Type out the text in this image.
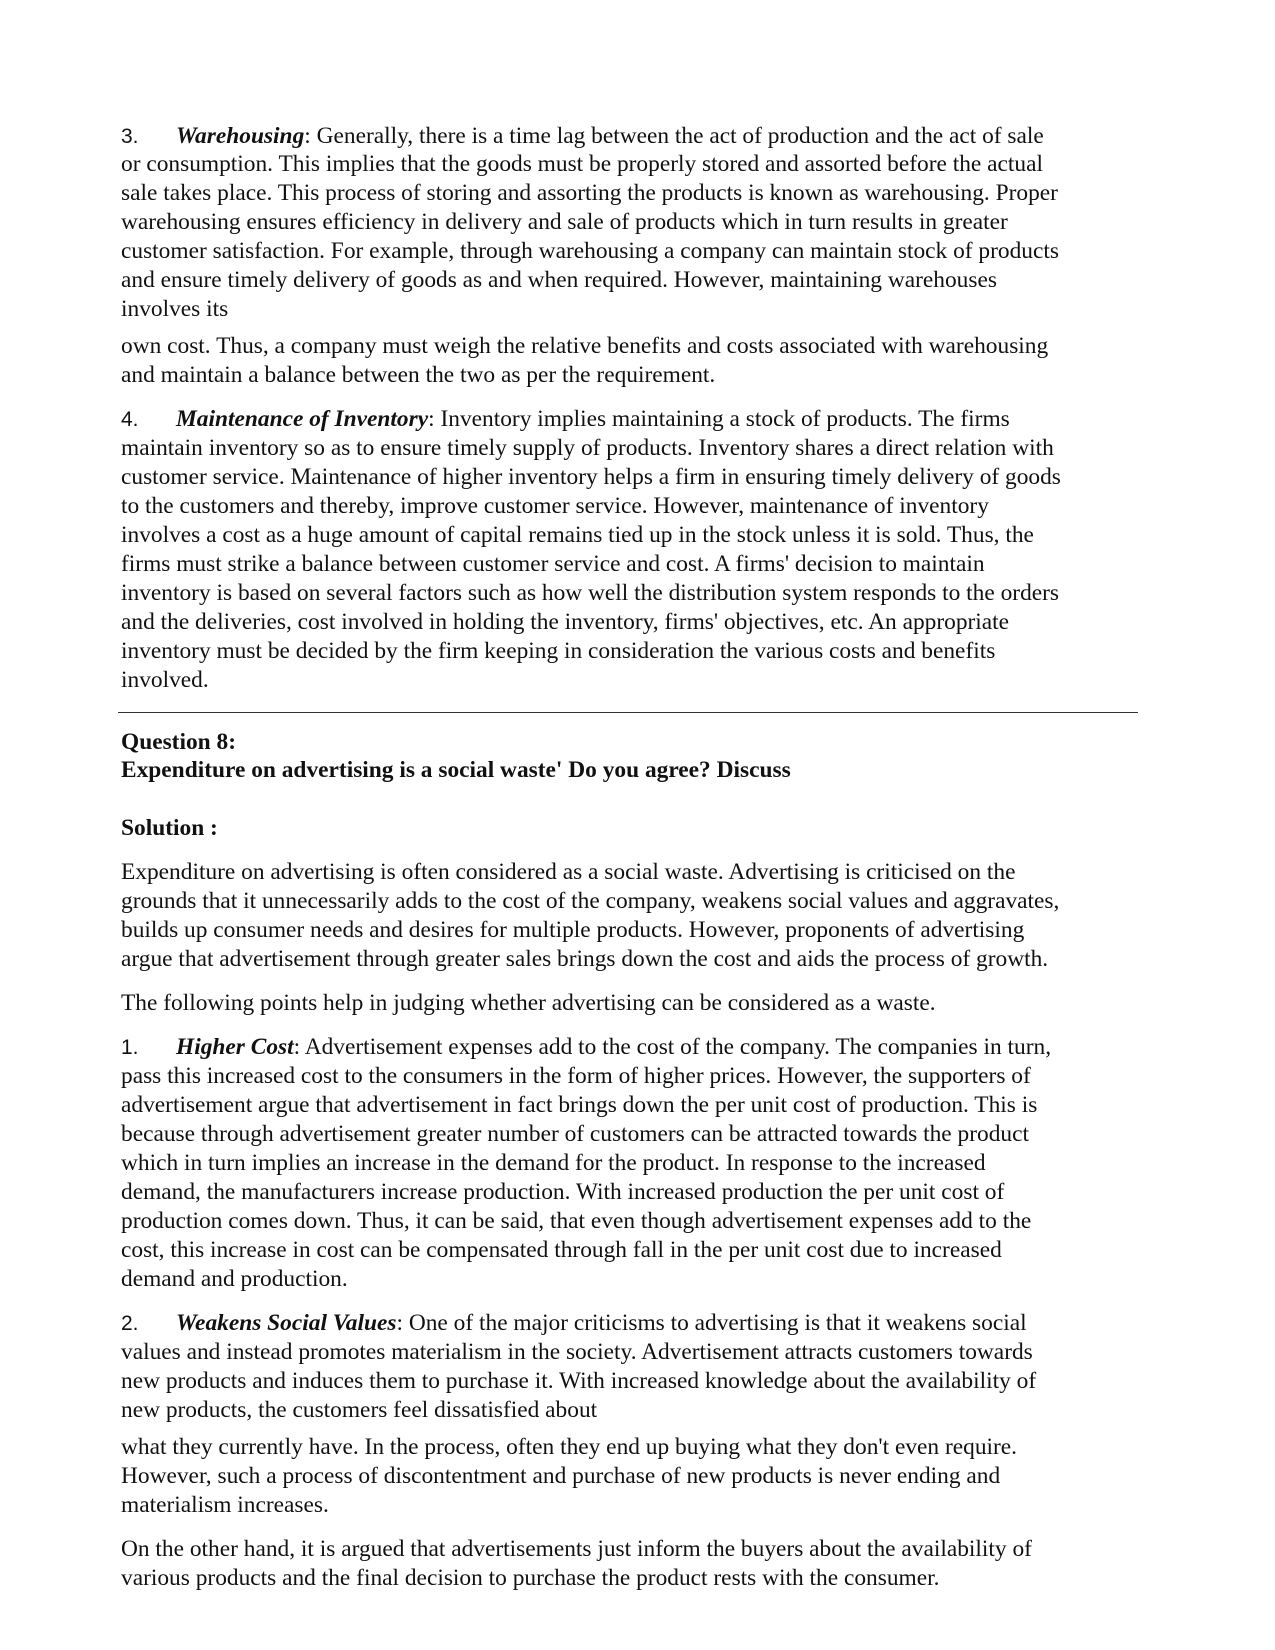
3. Warehousing: Generally, there is a time lag between the act of production and the act of sale
or consumption. This implies that the goods must be properly stored and assorted before the actual
sale takes place. This process of storing and assorting the products is known as warehousing. Proper
warehousing ensures efficiency in delivery and sale of products which in turn results in greater
customer satisfaction. For example, through warehousing a company can maintain stock of products
and ensure timely delivery of goods as and when required. However, maintaining warehouses
involves its
own cost. Thus, a company must weigh the relative benefits and costs associated with warehousing
and maintain a balance between the two as per the requirement.
4. Maintenance of Inventory: Inventory implies maintaining a stock of products. The firms
maintain inventory so as to ensure timely supply of products. Inventory shares a direct relation with
customer service. Maintenance of higher inventory helps a firm in ensuring timely delivery of goods
to the customers and thereby, improve customer service. However, maintenance of inventory
involves a cost as a huge amount of capital remains tied up in the stock unless it is sold. Thus, the
firms must strike a balance between customer service and cost. A firms' decision to maintain
inventory is based on several factors such as how well the distribution system responds to the orders
and the deliveries, cost involved in holding the inventory, firms' objectives, etc. An appropriate
inventory must be decided by the firm keeping in consideration the various costs and benefits
involved.
Question 8:
Expenditure on advertising is a social waste' Do you agree? Discuss
Solution :
Expenditure on advertising is often considered as a social waste. Advertising is criticised on the
grounds that it unnecessarily adds to the cost of the company, weakens social values and aggravates,
builds up consumer needs and desires for multiple products. However, proponents of advertising
argue that advertisement through greater sales brings down the cost and aids the process of growth.
The following points help in judging whether advertising can be considered as a waste.
1. Higher Cost: Advertisement expenses add to the cost of the company. The companies in turn,
pass this increased cost to the consumers in the form of higher prices. However, the supporters of
advertisement argue that advertisement in fact brings down the per unit cost of production. This is
because through advertisement greater number of customers can be attracted towards the product
which in turn implies an increase in the demand for the product. In response to the increased
demand, the manufacturers increase production. With increased production the per unit cost of
production comes down. Thus, it can be said, that even though advertisement expenses add to the
cost, this increase in cost can be compensated through fall in the per unit cost due to increased
demand and production.
2. Weakens Social Values: One of the major criticisms to advertising is that it weakens social
values and instead promotes materialism in the society. Advertisement attracts customers towards
new products and induces them to purchase it. With increased knowledge about the availability of
new products, the customers feel dissatisfied about
what they currently have. In the process, often they end up buying what they don't even require.
However, such a process of discontentment and purchase of new products is never ending and
materialism increases.
On the other hand, it is argued that advertisements just inform the buyers about the availability of
various products and the final decision to purchase the product rests with the consumer.
